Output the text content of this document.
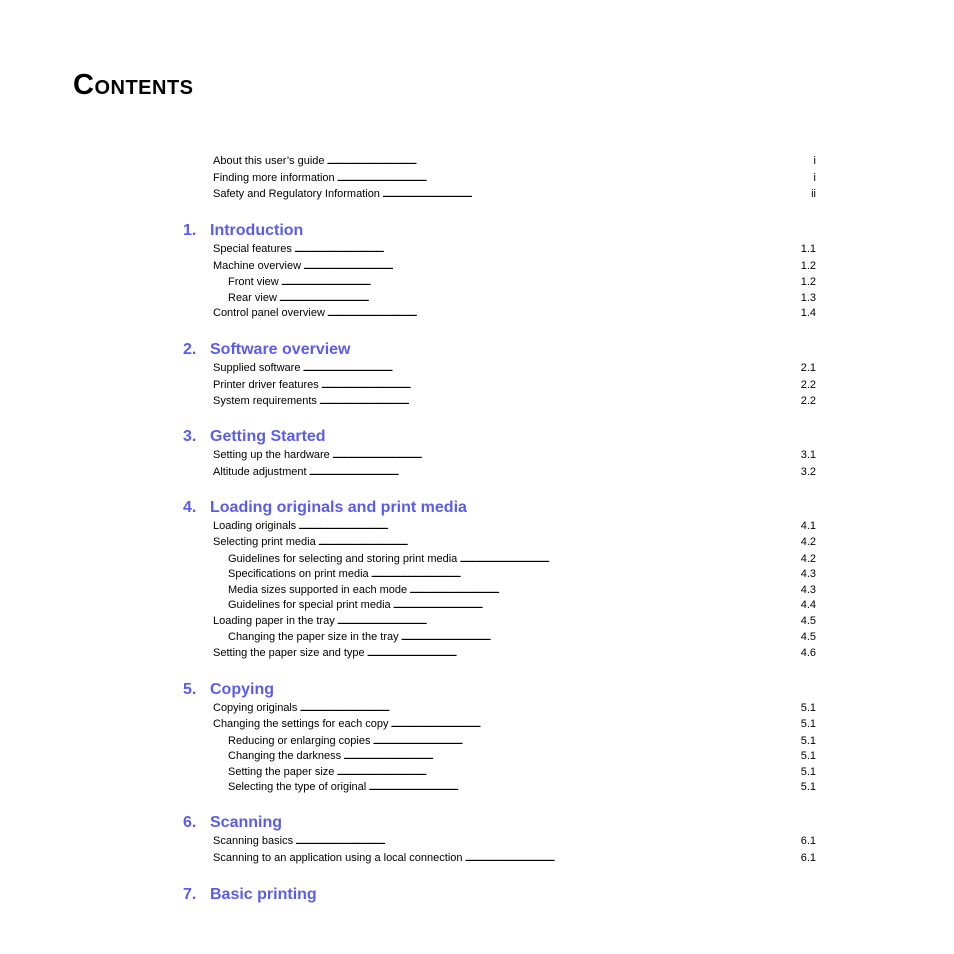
Contents
About this user’s guide . . .	i
Finding more information . . .	i
Safety and Regulatory Information . . .	ii
1. Introduction
Special features . . .	1.1
Machine overview . . .	1.2
Front view . . .	1.2
Rear view . . .	1.3
Control panel overview . . .	1.4
2. Software overview
Supplied software . . .	2.1
Printer driver features . . .	2.2
System requirements . . .	2.2
3. Getting Started
Setting up the hardware . . .	3.1
Altitude adjustment . . .	3.2
4. Loading originals and print media
Loading originals . . .	4.1
Selecting print media . . .	4.2
Guidelines for selecting and storing print media . . .	4.2
Specifications on print media . . .	4.3
Media sizes supported in each mode . . .	4.3
Guidelines for special print media . . .	4.4
Loading paper in the tray . . .	4.5
Changing the paper size in the tray . . .	4.5
Setting the paper size and type . . .	4.6
5. Copying
Copying originals . . .	5.1
Changing the settings for each copy . . .	5.1
Reducing or enlarging copies . . .	5.1
Changing the darkness . . .	5.1
Setting the paper size . . .	5.1
Selecting the type of original . . .	5.1
6. Scanning
Scanning basics . . .	6.1
Scanning to an application using a local connection . . .	6.1
7. Basic printing
